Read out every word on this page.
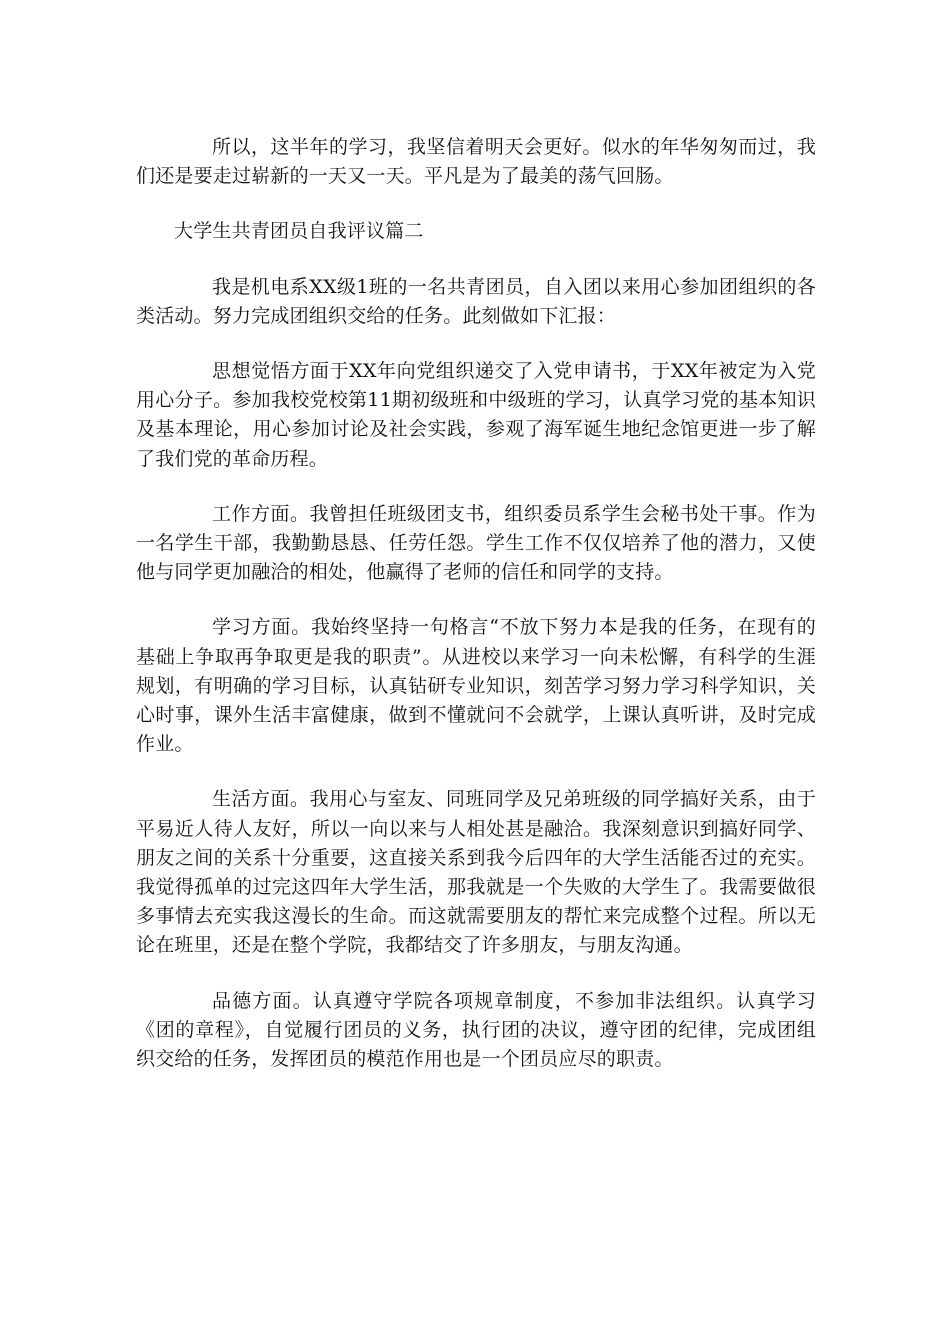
所以，这半年的学习，我坚信着明天会更好。似水的年华匆匆而过，我们还是要走过崭新的一天又一天。平凡是为了最美的荡气回肠。

大学生共青团员自我评议篇二

我是机电系XX级1班的一名共青团员，自入团以来用心参加团组织的各类活动。努力完成团组织交给的任务。此刻做如下汇报：

思想觉悟方面于XX年向党组织递交了入党申请书，于XX年被定为入党用心分子。参加我校党校第11期初级班和中级班的学习，认真学习党的基本知识及基本理论，用心参加讨论及社会实践，参观了海军诞生地纪念馆更进一步了解了我们党的革命历程。

工作方面。我曾担任班级团支书，组织委员系学生会秘书处干事。作为一名学生干部，我勤勤恳恳、任劳任怨。学生工作不仅仅培养了他的潜力，又使他与同学更加融洽的相处，他赢得了老师的信任和同学的支持。

学习方面。我始终坚持一句格言“不放下努力本是我的任务，在现有的基础上争取再争取更是我的职责”。从进校以来学习一向未松懈，有科学的生涯规划，有明确的学习目标，认真钻研专业知识，刻苦学习努力学习科学知识，关心时事，课外生活丰富健康，做到不懂就问不会就学，上课认真听讲，及时完成作业。

生活方面。我用心与室友、同班同学及兄弟班级的同学搞好关系，由于平易近人待人友好，所以一向以来与人相处甚是融洽。我深刻意识到搞好同学、朋友之间的关系十分重要，这直接关系到我今后四年的大学生活能否过的充实。我觉得孤单的过完这四年大学生活，那我就是一个失败的大学生了。我需要做很多事情去充实我这漫长的生命。而这就需要朋友的帮忙来完成整个过程。所以无论在班里，还是在整个学院，我都结交了许多朋友，与朋友沟通。

品德方面。认真遵守学院各项规章制度，不参加非法组织。认真学习《团的章程》，自觉履行团员的义务，执行团的决议，遵守团的纪律，完成团组织交给的任务，发挥团员的模范作用也是一个团员应尽的职责。
